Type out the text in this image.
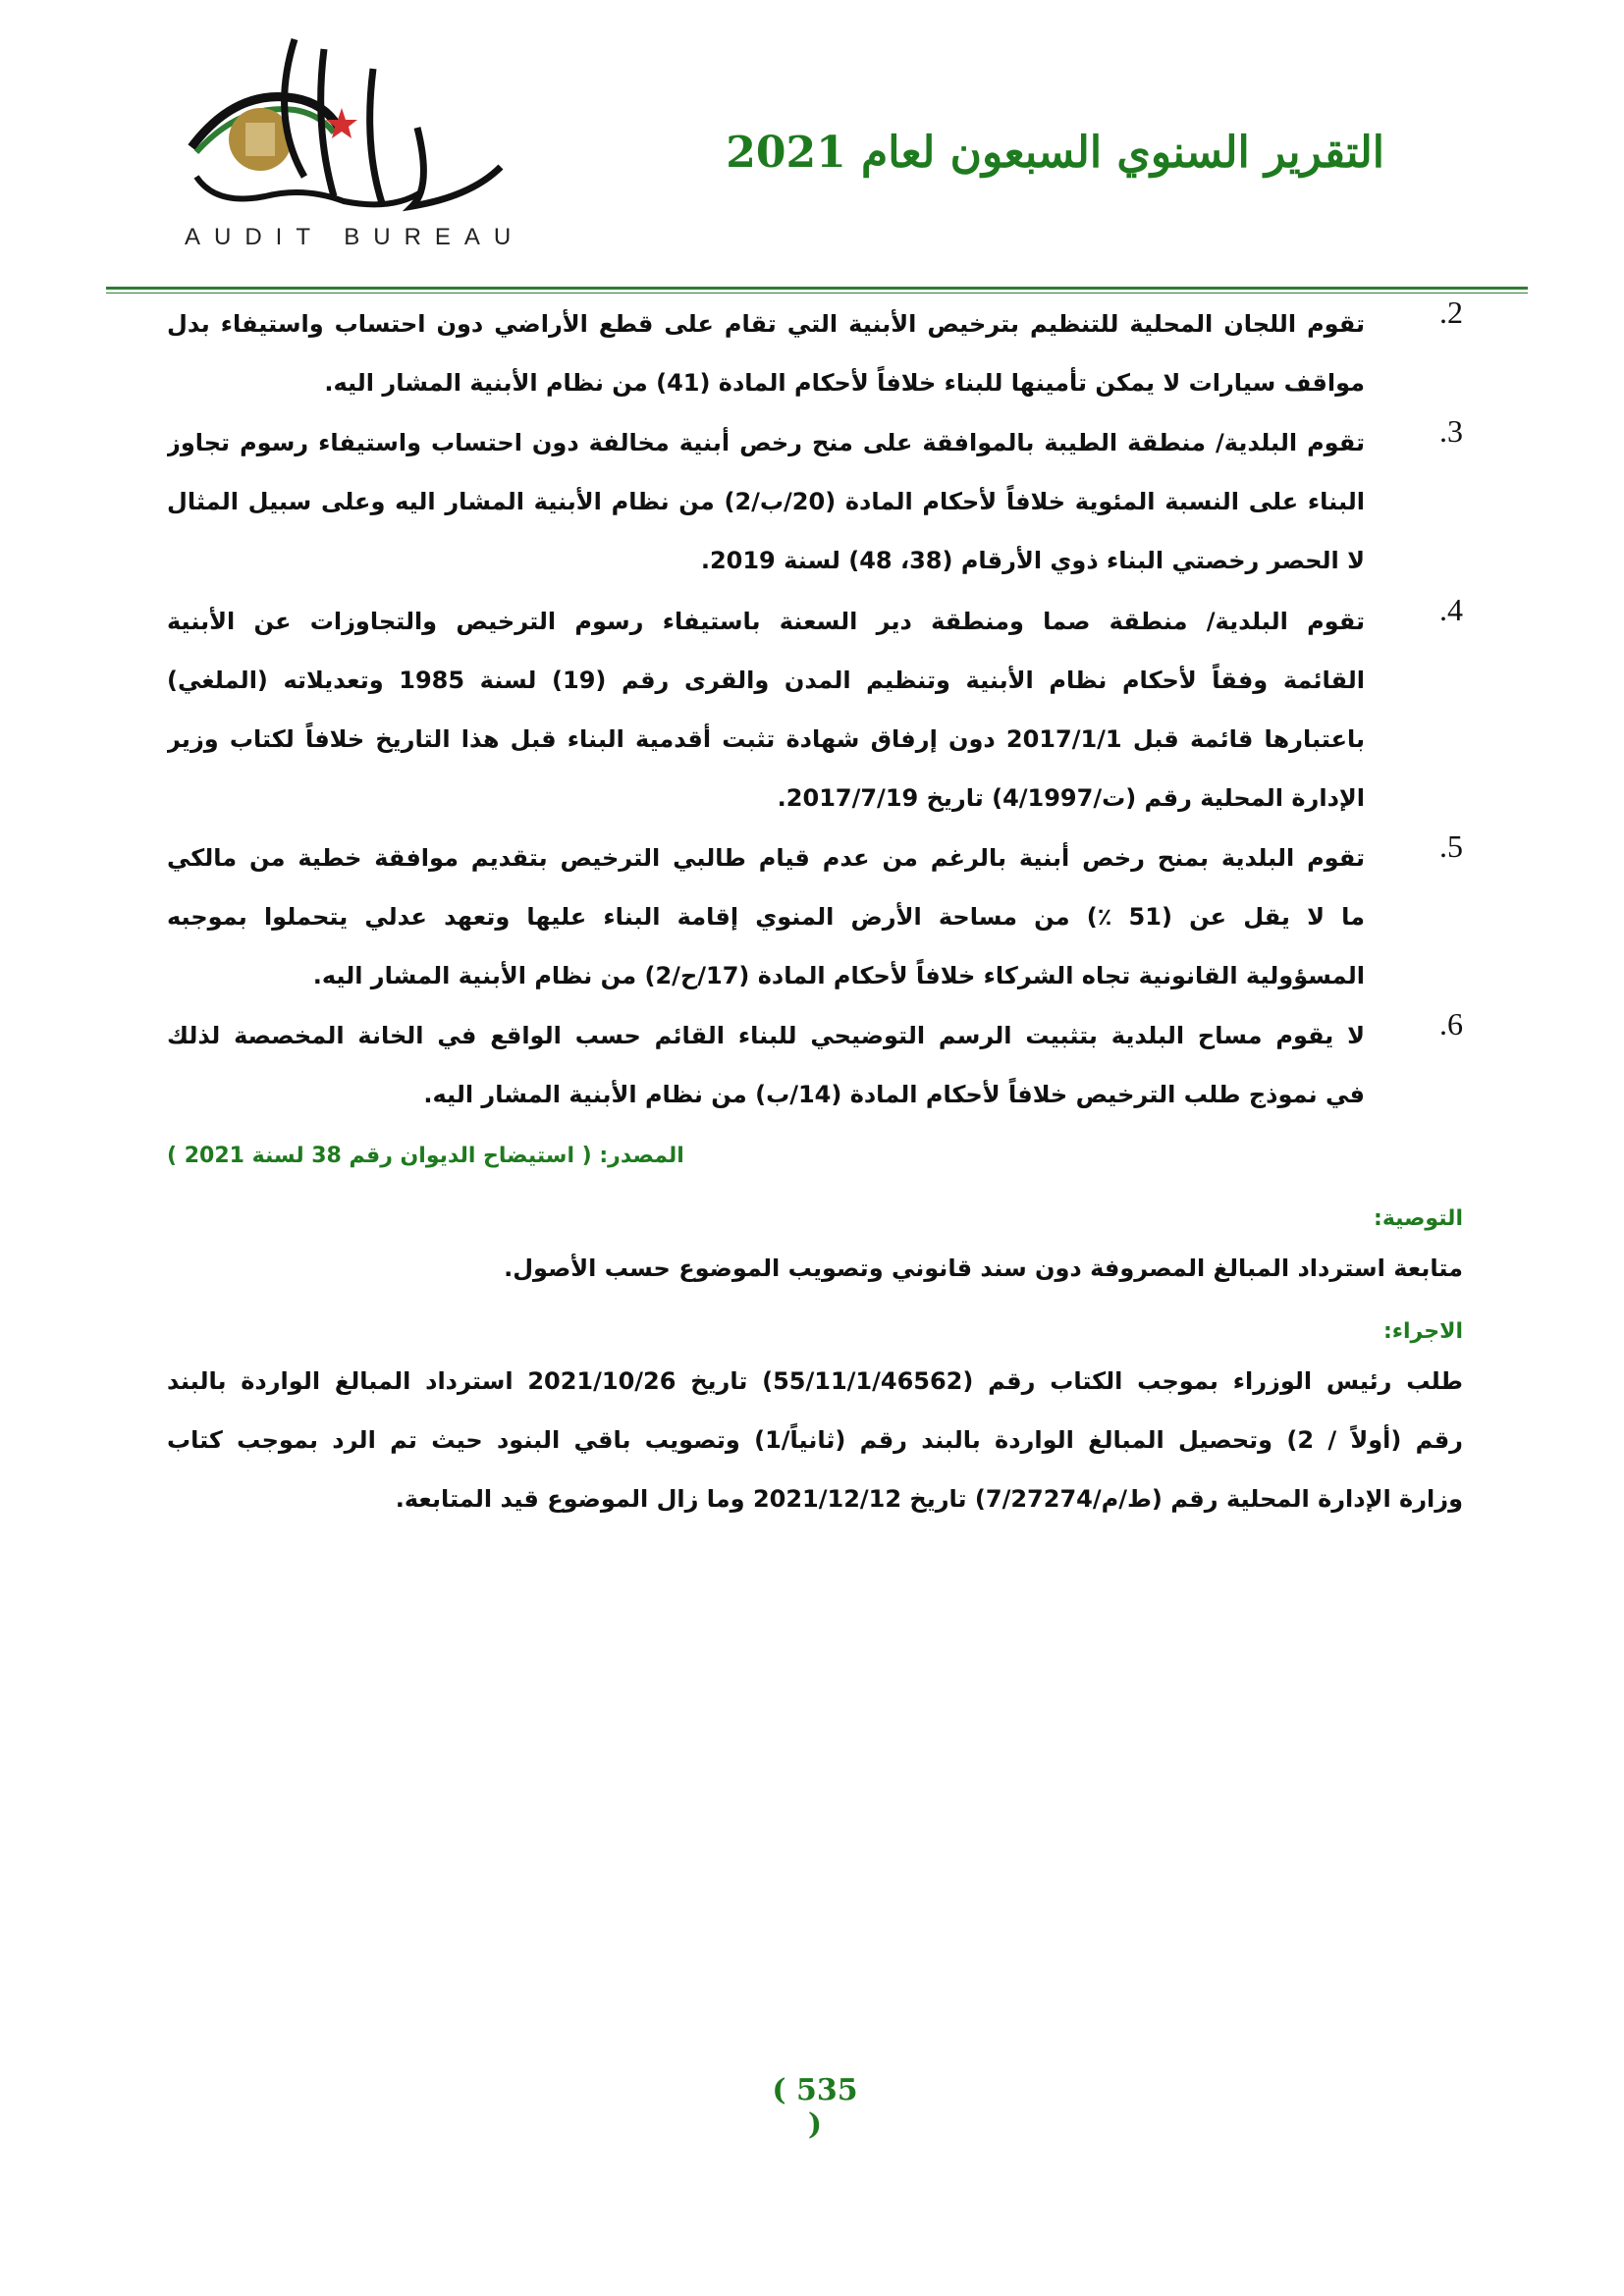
AUDIT BUREAU
التقرير السنوي السبعون لعام 2021
.2
تقوم اللجان المحلية للتنظيم بترخيص الأبنية التي تقام على قطع الأراضي دون احتساب واستيفاء بدل
مواقف سيارات لا يمكن تأمينها للبناء خلافاً لأحكام المادة (41) من نظام الأبنية المشار اليه.
.3
تقوم البلدية/ منطقة الطيبة بالموافقة على منح رخص أبنية مخالفة دون احتساب واستيفاء رسوم تجاوز
البناء على النسبة المئوية خلافاً لأحكام المادة (20/ب/2) من نظام الأبنية المشار اليه وعلى سبيل المثال
لا الحصر رخصتي البناء ذوي الأرقام (38، 48) لسنة 2019.
.4
تقوم البلدية/ منطقة صما ومنطقة دير السعنة باستيفاء رسوم الترخيص والتجاوزات عن الأبنية
القائمة وفقاً لأحكام نظام الأبنية وتنظيم المدن والقرى رقم (19) لسنة 1985 وتعديلاته (الملغي)
باعتبارها قائمة قبل 2017/1/1 دون إرفاق شهادة تثبت أقدمية البناء قبل هذا التاريخ خلافاً لكتاب وزير
الإدارة المحلية رقم (ت/4/1997) تاريخ 2017/7/19.
.5
تقوم البلدية بمنح رخص أبنية بالرغم من عدم قيام طالبي الترخيص بتقديم موافقة خطية من مالكي
ما لا يقل عن (51 ٪) من مساحة الأرض المنوي إقامة البناء عليها وتعهد عدلي يتحملوا بموجبه
المسؤولية القانونية تجاه الشركاء خلافاً لأحكام المادة (17/ح/2) من نظام الأبنية المشار اليه.
.6
لا يقوم مساح البلدية بتثبيت الرسم التوضيحي للبناء القائم حسب الواقع في الخانة المخصصة لذلك
في نموذج طلب الترخيص خلافاً لأحكام المادة (14/ب) من نظام الأبنية المشار اليه.
المصدر: ( استيضاح الديوان رقم 38 لسنة 2021 )
التوصية:
متابعة استرداد المبالغ المصروفة دون سند قانوني وتصويب الموضوع حسب الأصول.
الاجراء:
طلب رئيس الوزراء بموجب الكتاب رقم (55/11/1/46562) تاريخ 2021/10/26 استرداد المبالغ الواردة بالبند
رقم (أولاً / 2) وتحصيل المبالغ الواردة بالبند رقم (ثانياً/1) وتصويب باقي البنود حيث تم الرد بموجب كتاب
وزارة الإدارة المحلية رقم (ط/م/7/27274) تاريخ 2021/12/12 وما زال الموضوع قيد المتابعة.
( 535 )
